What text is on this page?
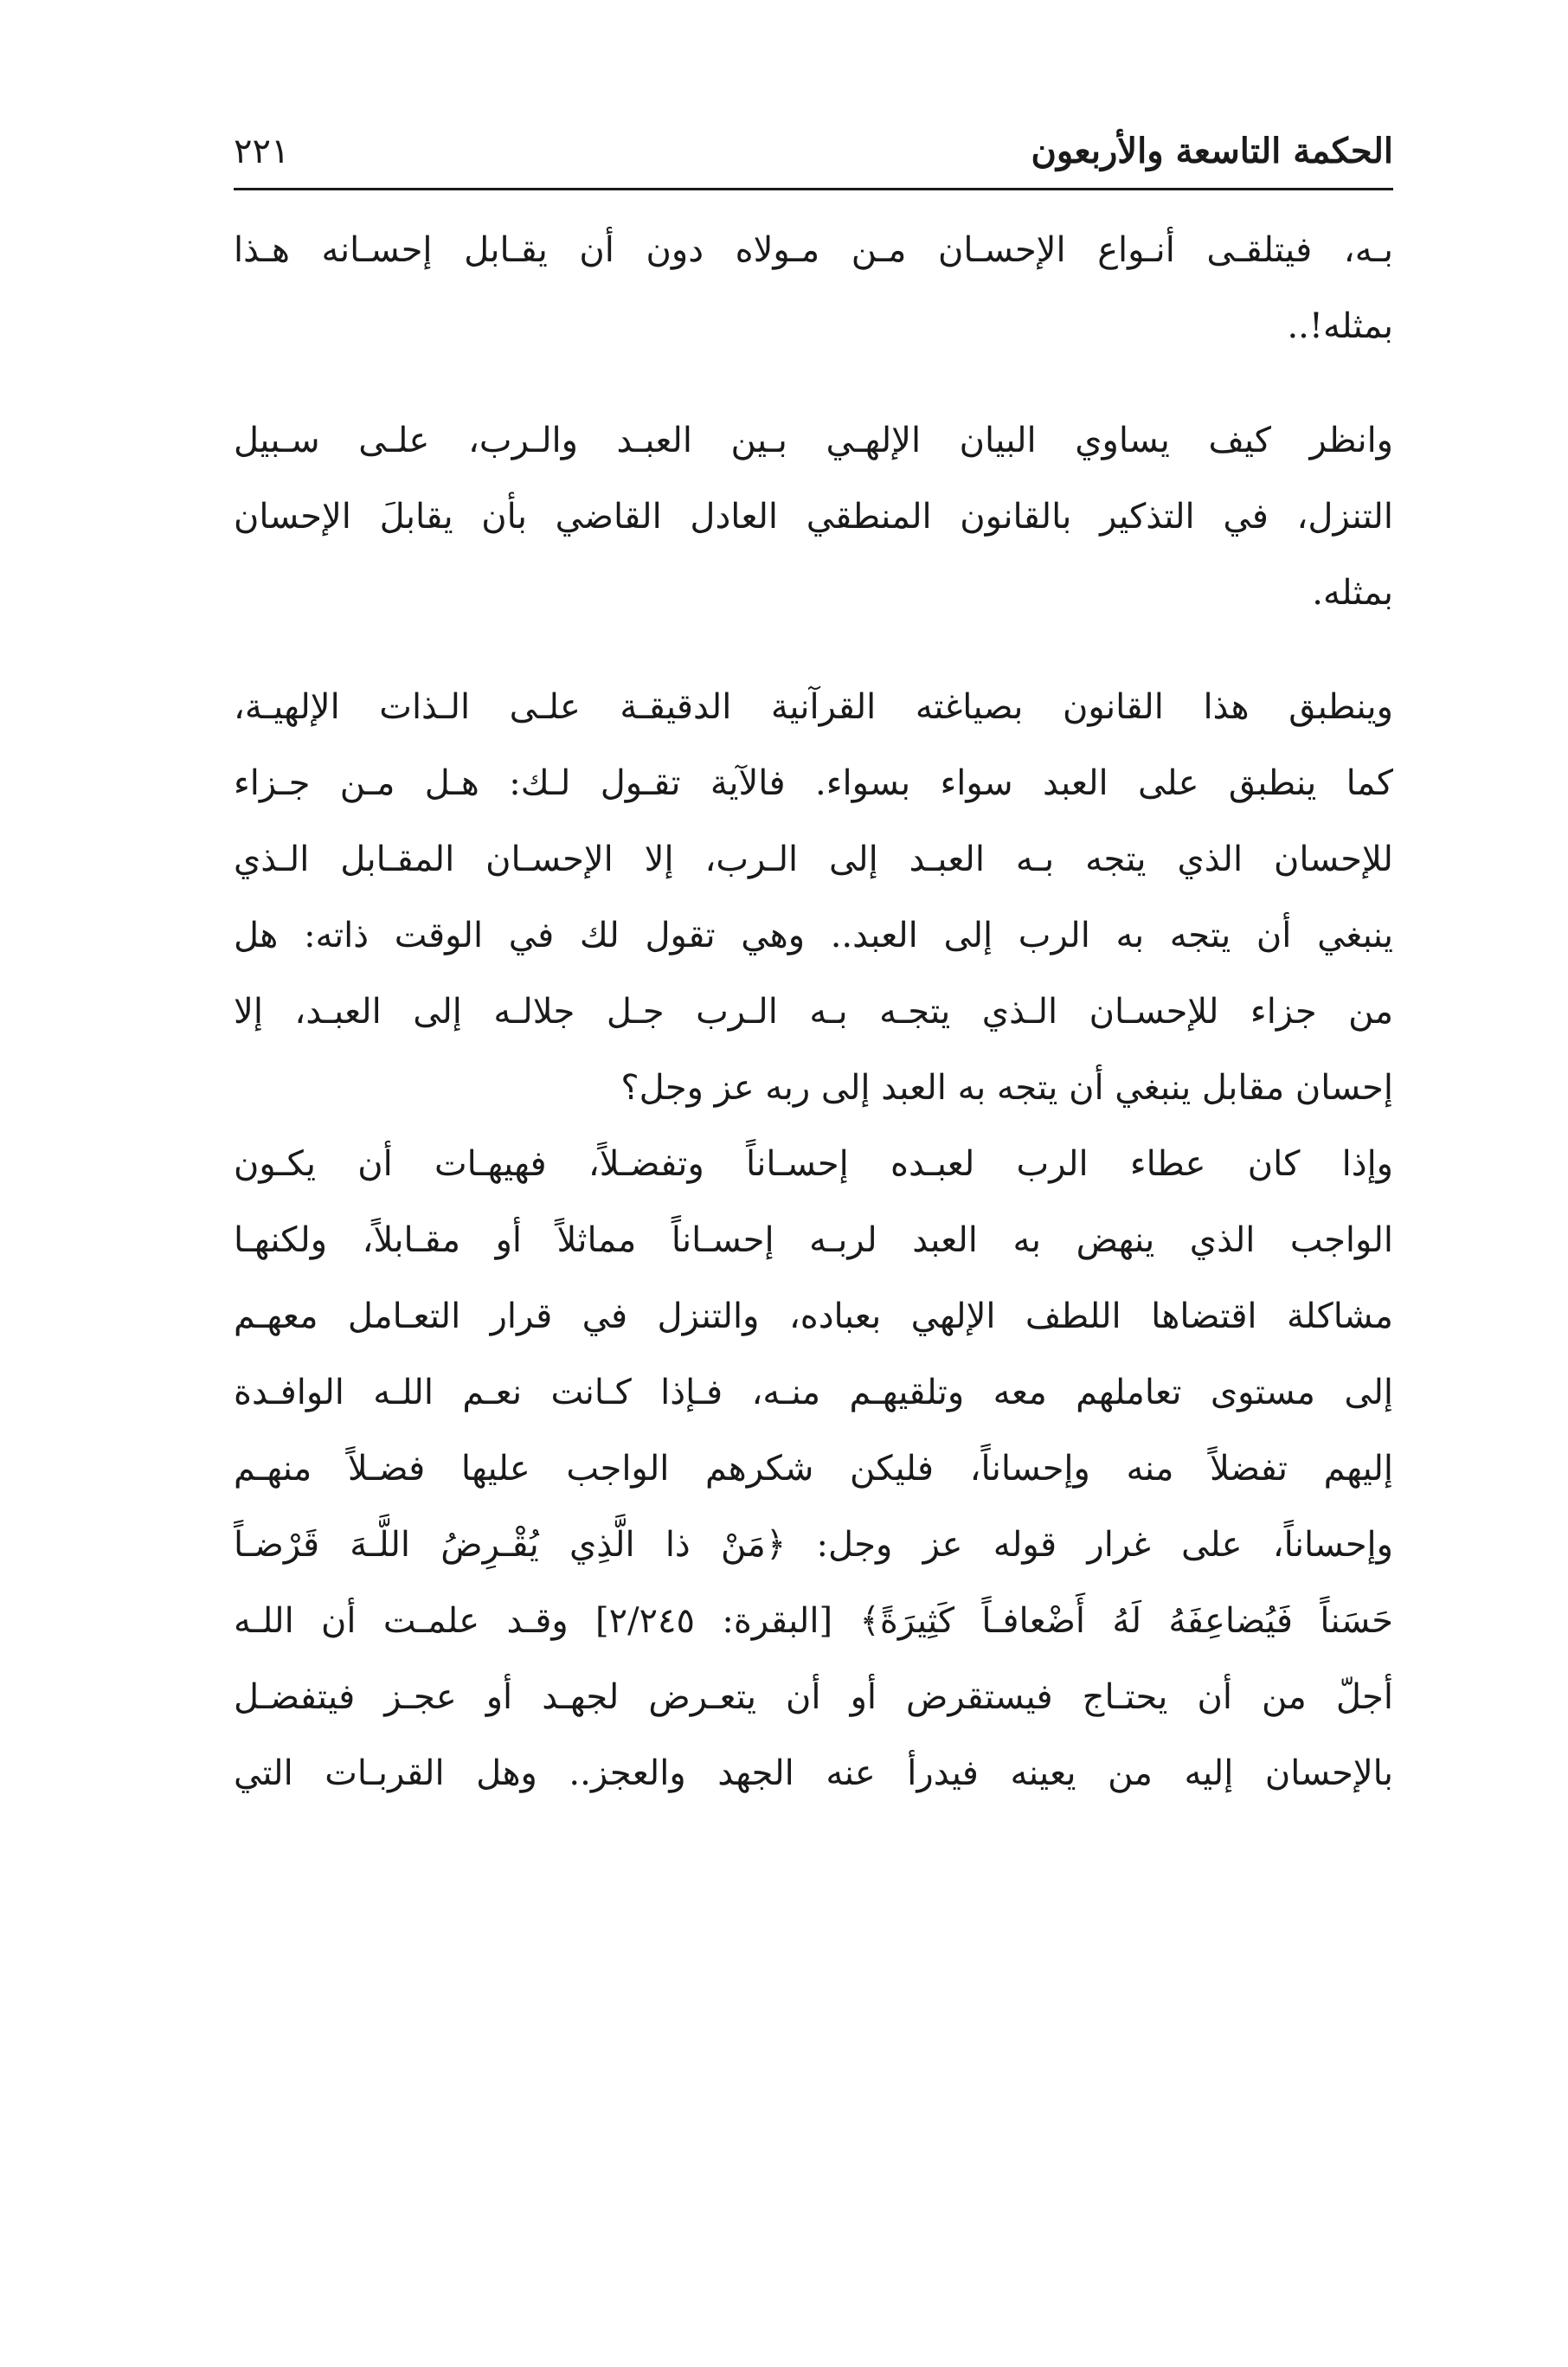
الحكمة التاسعة والأربعون
٢٢١
بـه، فيتلقـى أنـواع الإحسـان مـن مـولاه دون أن يقـابل إحسـانه هـذا
بمثله!..
وانظر كيف يساوي البيان الإلهـي بـين العبـد والـرب، علـى سـبيل
التنزل، في التذكير بالقانون المنطقي العادل القاضي بأن يقابلَ الإحسان
بمثله.
وينطبق هذا القانون بصياغته القرآنية الدقيقـة علـى الـذات الإلهيـة،
كما ينطبق على العبد سواء بسواء. فالآية تقـول لـك: هـل مـن جـزاء
للإحسان الذي يتجه بـه العبـد إلى الـرب، إلا الإحسـان المقـابل الـذي
ينبغي أن يتجه به الرب إلى العبد.. وهي تقول لك في الوقت ذاته: هل
من جزاء للإحسـان الـذي يتجـه بـه الـرب جـل جلالـه إلى العبـد، إلا
إحسان مقابل ينبغي أن يتجه به العبد إلى ربه عز وجل؟
وإذا كان عطاء الرب لعبـده إحسـاناً وتفضـلاً، فهيهـات أن يكـون
الواجب الذي ينهض به العبد لربـه إحسـاناً مماثلاً أو مقـابلاً، ولكنهـا
مشاكلة اقتضاها اللطف الإلهي بعباده، والتنزل في قرار التعـامل معهـم
إلى مستوى تعاملهم معه وتلقيهـم منـه، فـإذا كـانت نعـم اللـه الوافـدة
إليهم تفضلاً منه وإحساناً، فليكن شكرهم الواجب عليها فضـلاً منهـم
وإحساناً، على غرار قوله عز وجل: ﴿مَنْ ذا الَّذِي يُقْـرِضُ اللَّـهَ قَرْضـاً
حَسَناً فَيُضاعِفَهُ لَهُ أَضْعافـاً كَثِيرَةً﴾ [البقرة: ٢/٢٤٥] وقـد علمـت أن اللـه
أجلّ من أن يحتـاج فيستقرض أو أن يتعـرض لجهـد أو عجـز فيتفضـل
بالإحسان إليه من يعينه فيدرأ عنه الجهد والعجز.. وهل القربـات التي
